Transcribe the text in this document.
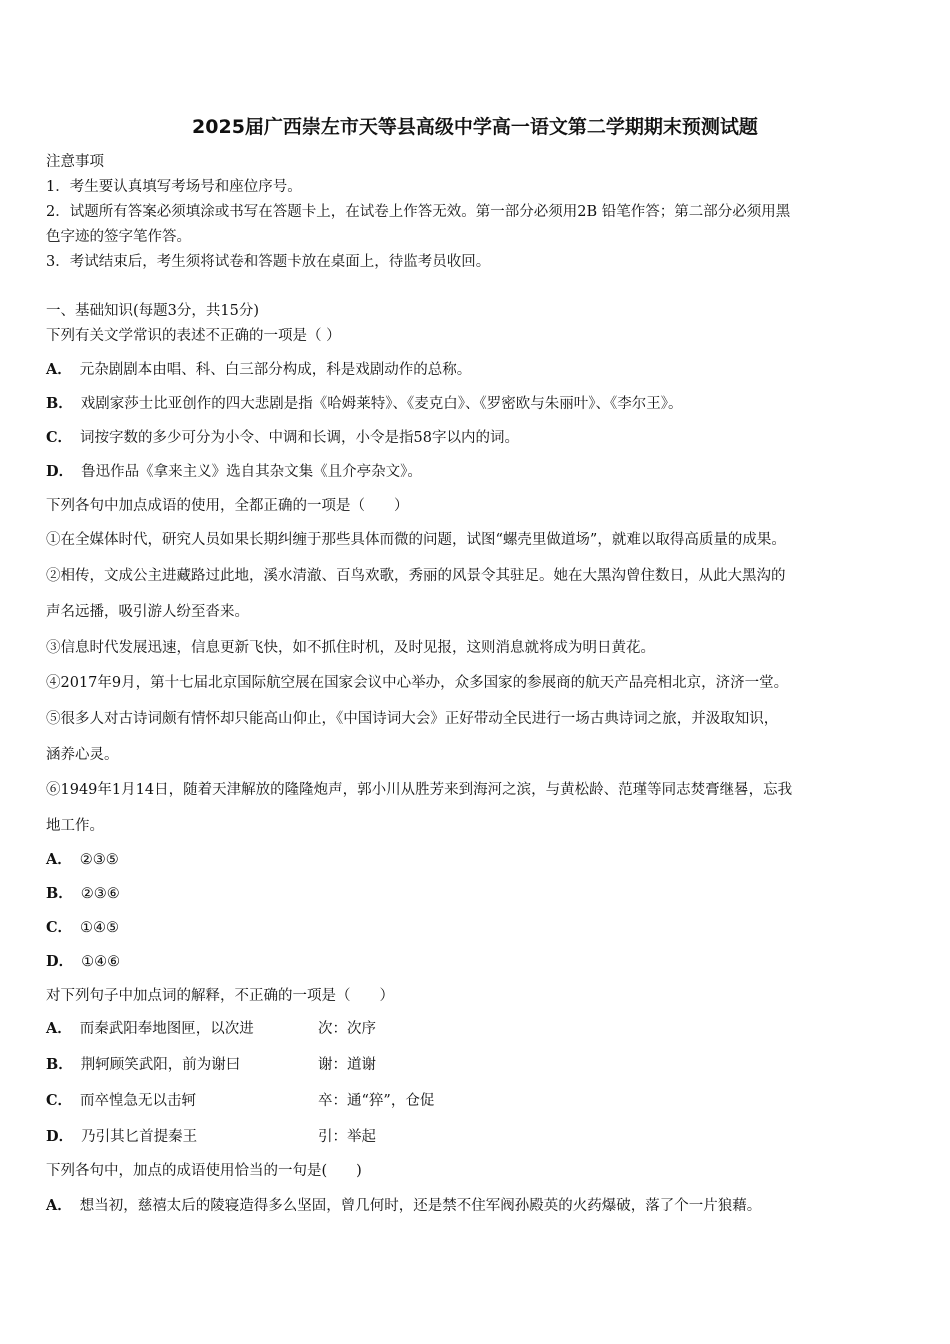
2025届广西崇左市天等县高级中学高一语文第二学期期末预测试题
注意事项
1．考生要认真填写考场号和座位序号。
2．试题所有答案必须填涂或书写在答题卡上，在试卷上作答无效。第一部分必须用2B 铅笔作答；第二部分必须用黑
色字迹的签字笔作答。
3．考试结束后，考生须将试卷和答题卡放在桌面上，待监考员收回。
一、基础知识(每题3分，共15分)
下列有关文学常识的表述不正确的一项是（ ）
A． 元杂剧剧本由唱、科、白三部分构成，科是戏剧动作的总称。
B． 戏剧家莎士比亚创作的四大悲剧是指《哈姆莱特》、《麦克白》、《罗密欧与朱丽叶》、《李尔王》。
C． 词按字数的多少可分为小令、中调和长调，小令是指58字以内的词。
D． 鲁迅作品《拿来主义》选自其杂文集《且介亭杂文》。
下列各句中加点成语的使用，全都正确的一项是（　　）
①在全媒体时代，研究人员如果长期纠缠于那些具体而微的问题，试图“螺壳里做道场”，就难以取得高质量的成果。
②相传，文成公主进藏路过此地，溪水清澈、百鸟欢歌，秀丽的风景令其驻足。她在大黑沟曾住数日，从此大黑沟的
声名远播，吸引游人纷至沓来。
③信息时代发展迅速，信息更新飞快，如不抓住时机，及时见报，这则消息就将成为明日黄花。
④2017年9月，第十七届北京国际航空展在国家会议中心举办，众多国家的参展商的航天产品亮相北京，济济一堂。
⑤很多人对古诗词颇有情怀却只能高山仰止，《中国诗词大会》正好带动全民进行一场古典诗词之旅，并汲取知识，
涵养心灵。
⑥1949年1月14日，随着天津解放的隆隆炮声，郭小川从胜芳来到海河之滨，与黄松龄、范瑾等同志焚膏继晷，忘我
地工作。
A． ②③⑤
B． ②③⑥
C． ①④⑤
D． ①④⑥
对下列句子中加点词的解释，不正确的一项是（　　）
A． 而秦武阳奉地图匣，以次进	次：次序
B． 荆轲顾笑武阳，前为谢曰	谢：道谢
C． 而卒惶急无以击轲	卒：通“猝”，仓促
D． 乃引其匕首提秦王	引：举起
下列各句中，加点的成语使用恰当的一句是(　　)
A． 想当初，慈禧太后的陵寝造得多么坚固，曾几何时，还是禁不住军阀孙殿英的火药爆破，落了个一片狼藉。
